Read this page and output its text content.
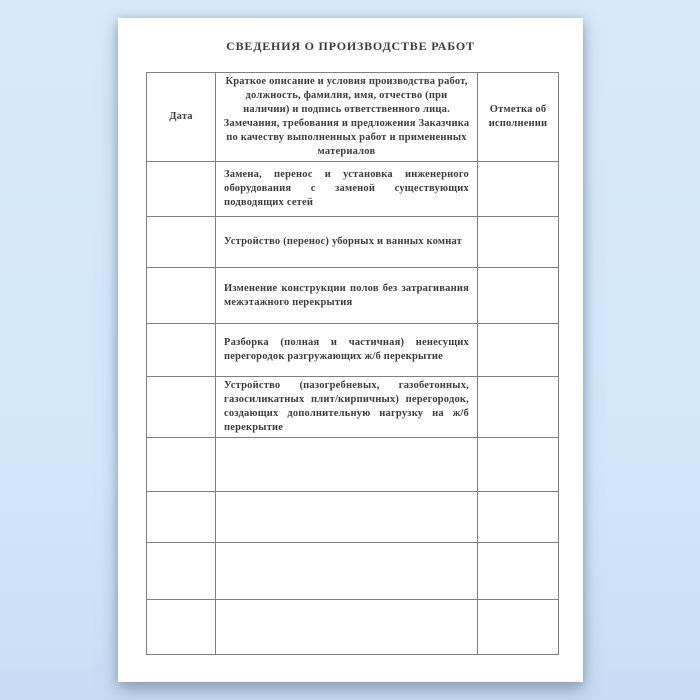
СВЕДЕНИЯ О ПРОИЗВОДСТВЕ РАБОТ
Дата	Краткое описание и условия производства работ, должность, фамилия, имя, отчество (при наличии) и подпись ответственного лица. Замечания, требования и предложения Заказчика по качеству выполненных работ и примененных материалов	Отметка об исполнении
	Замена, перенос и установка инженерного оборудования с заменой существующих подводящих сетей	
	Устройство (перенос) уборных и ванных комнат	
	Изменение конструкции полов без затрагивания межэтажного перекрытия	
	Разборка (полная и частичная) ненесущих перегородок разгружающих ж/б перекрытие	
	Устройство (пазогребневых, газобетонных, газосиликатных плит/кирпичных) перегородок, создающих дополнительную нагрузку на ж/б перекрытие	
